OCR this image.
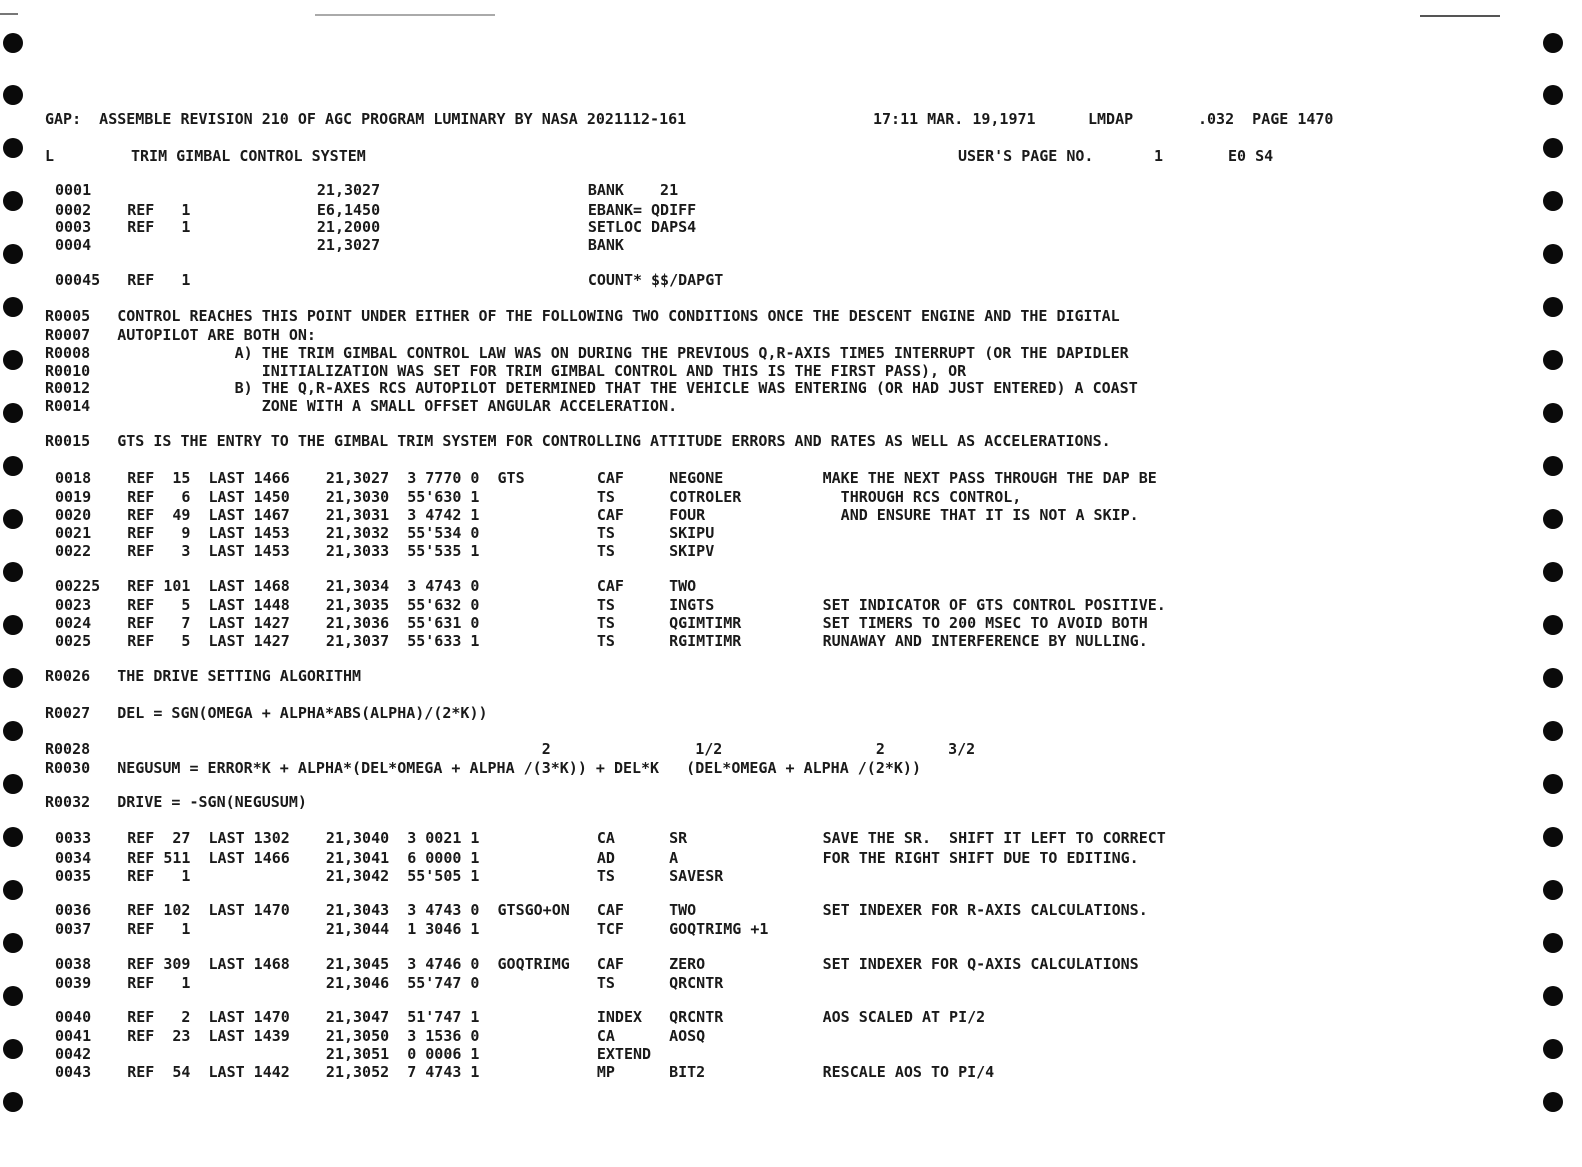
GAP:  ASSEMBLE REVISION 210 OF AGC PROGRAM LUMINARY BY NASA 2021112-161	17:11 MAR. 19,1971	LMDAP	.032  PAGE 1470
L	TRIM GIMBAL CONTROL SYSTEM	USER'S PAGE NO.	1	E0 S4
0001                         21,3027                       BANK    21
0002    REF   1              E6,1450                       EBANK= QDIFF
0003    REF   1              21,2000                       SETLOC DAPS4
0004                         21,3027                       BANK
00045   REF   1                                            COUNT* $$/DAPGT
R0005   CONTROL REACHES THIS POINT UNDER EITHER OF THE FOLLOWING TWO CONDITIONS ONCE THE DESCENT ENGINE AND THE DIGITAL
R0007   AUTOPILOT ARE BOTH ON:
R0008                A) THE TRIM GIMBAL CONTROL LAW WAS ON DURING THE PREVIOUS Q,R-AXIS TIME5 INTERRUPT (OR THE DAPIDLER
R0010                   INITIALIZATION WAS SET FOR TRIM GIMBAL CONTROL AND THIS IS THE FIRST PASS), OR
R0012                B) THE Q,R-AXES RCS AUTOPILOT DETERMINED THAT THE VEHICLE WAS ENTERING (OR HAD JUST ENTERED) A COAST
R0014                   ZONE WITH A SMALL OFFSET ANGULAR ACCELERATION.
R0015   GTS IS THE ENTRY TO THE GIMBAL TRIM SYSTEM FOR CONTROLLING ATTITUDE ERRORS AND RATES AS WELL AS ACCELERATIONS.
0018    REF  15  LAST 1466    21,3027  3 7770 0  GTS        CAF     NEGONE           MAKE THE NEXT PASS THROUGH THE DAP BE
0019    REF   6  LAST 1450    21,3030  55'630 1             TS      COTROLER           THROUGH RCS CONTROL,
0020    REF  49  LAST 1467    21,3031  3 4742 1             CAF     FOUR               AND ENSURE THAT IT IS NOT A SKIP.
0021    REF   9  LAST 1453    21,3032  55'534 0             TS      SKIPU
0022    REF   3  LAST 1453    21,3033  55'535 1             TS      SKIPV
00225   REF 101  LAST 1468    21,3034  3 4743 0             CAF     TWO
0023    REF   5  LAST 1448    21,3035  55'632 0             TS      INGTS            SET INDICATOR OF GTS CONTROL POSITIVE.
0024    REF   7  LAST 1427    21,3036  55'631 0             TS      QGIMTIMR         SET TIMERS TO 200 MSEC TO AVOID BOTH
0025    REF   5  LAST 1427    21,3037  55'633 1             TS      RGIMTIMR         RUNAWAY AND INTERFERENCE BY NULLING.
R0026   THE DRIVE SETTING ALGORITHM
R0027   DEL = SGN(OMEGA + ALPHA*ABS(ALPHA)/(2*K))
R0028                                                  2                1/2                 2       3/2
R0030   NEGUSUM = ERROR*K + ALPHA*(DEL*OMEGA + ALPHA /(3*K)) + DEL*K   (DEL*OMEGA + ALPHA /(2*K))
R0032   DRIVE = -SGN(NEGUSUM)
0033    REF  27  LAST 1302    21,3040  3 0021 1             CA      SR               SAVE THE SR.  SHIFT IT LEFT TO CORRECT
0034    REF 511  LAST 1466    21,3041  6 0000 1             AD      A                FOR THE RIGHT SHIFT DUE TO EDITING.
0035    REF   1               21,3042  55'505 1             TS      SAVESR
0036    REF 102  LAST 1470    21,3043  3 4743 0  GTSGO+ON   CAF     TWO              SET INDEXER FOR R-AXIS CALCULATIONS.
0037    REF   1               21,3044  1 3046 1             TCF     GOQTRIMG +1
0038    REF 309  LAST 1468    21,3045  3 4746 0  GOQTRIMG   CAF     ZERO             SET INDEXER FOR Q-AXIS CALCULATIONS
0039    REF   1               21,3046  55'747 0             TS      QRCNTR
0040    REF   2  LAST 1470    21,3047  51'747 1             INDEX   QRCNTR           AOS SCALED AT PI/2
0041    REF  23  LAST 1439    21,3050  3 1536 0             CA      AOSQ
0042                          21,3051  0 0006 1             EXTEND
0043    REF  54  LAST 1442    21,3052  7 4743 1             MP      BIT2             RESCALE AOS TO PI/4
